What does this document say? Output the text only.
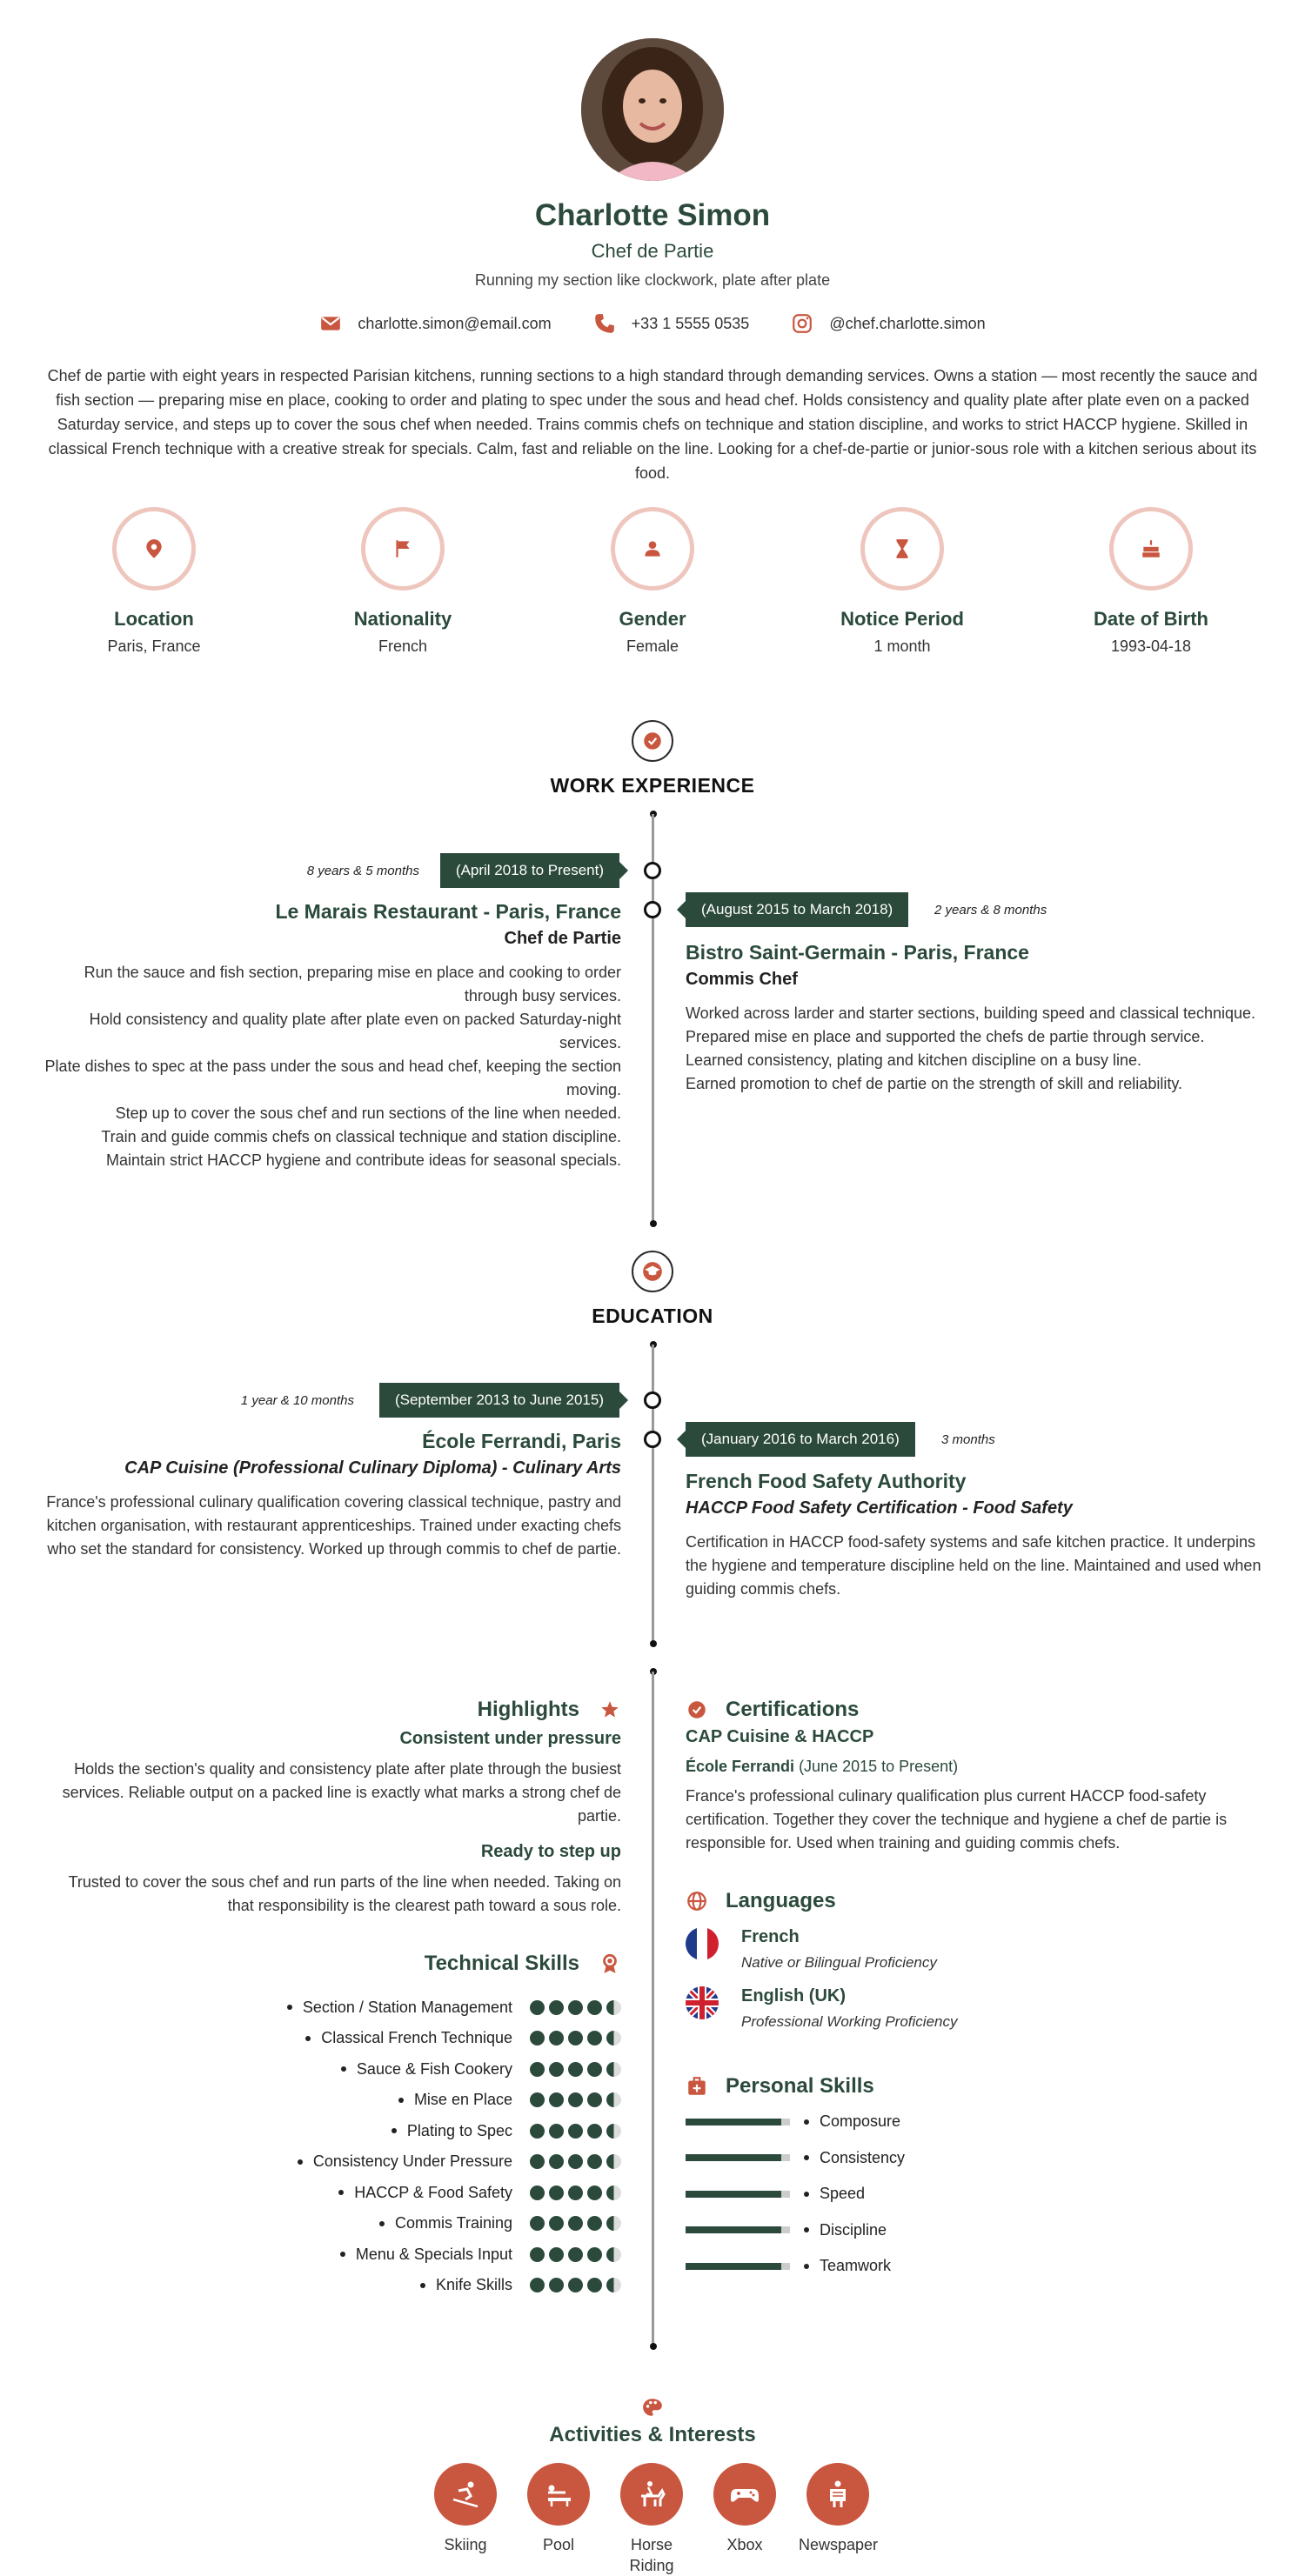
Charlotte Simon
Chef de Partie
Running my section like clockwork, plate after plate
charlotte.simon@email.com	+33 1 5555 0535	@chef.charlotte.simon
Chef de partie with eight years in respected Parisian kitchens, running sections to a high standard through demanding services. Owns a station — most recently the sauce and fish section — preparing mise en place, cooking to order and plating to spec under the sous and head chef. Holds consistency and quality plate after plate even on a packed Saturday service, and steps up to cover the sous chef when needed. Trains commis chefs on technique and station discipline, and works to strict HACCP hygiene. Skilled in classical French technique with a creative streak for specials. Calm, fast and reliable on the line. Looking for a chef-de-partie or junior-sous role with a kitchen serious about its food.
Location
Paris, France
Nationality
French
Gender
Female
Notice Period
1 month
Date of Birth
1993-04-18
WORK EXPERIENCE
(April 2018 to Present)
8 years & 5 months
Le Marais Restaurant - Paris, France
Chef de Partie
Run the sauce and fish section, preparing mise en place and cooking to order through busy services.
Hold consistency and quality plate after plate even on packed Saturday-night services.
Plate dishes to spec at the pass under the sous and head chef, keeping the section moving.
Step up to cover the sous chef and run sections of the line when needed.
Train and guide commis chefs on classical technique and station discipline.
Maintain strict HACCP hygiene and contribute ideas for seasonal specials.
(August 2015 to March 2018)	2 years & 8 months
Bistro Saint-Germain - Paris, France
Commis Chef
Worked across larder and starter sections, building speed and classical technique.
Prepared mise en place and supported the chefs de partie through service.
Learned consistency, plating and kitchen discipline on a busy line.
Earned promotion to chef de partie on the strength of skill and reliability.
EDUCATION
(September 2013 to June 2015)
1 year & 10 months
École Ferrandi, Paris
CAP Cuisine (Professional Culinary Diploma) - Culinary Arts
France's professional culinary qualification covering classical technique, pastry and kitchen organisation, with restaurant apprenticeships. Trained under exacting chefs who set the standard for consistency. Worked up through commis to chef de partie.
(January 2016 to March 2016)	3 months
French Food Safety Authority
HACCP Food Safety Certification - Food Safety
Certification in HACCP food-safety systems and safe kitchen practice. It underpins the hygiene and temperature discipline held on the line. Maintained and used when guiding commis chefs.
Highlights
Consistent under pressure
Holds the section's quality and consistency plate after plate through the busiest services. Reliable output on a packed line is exactly what marks a strong chef de partie.
Ready to step up
Trusted to cover the sous chef and run parts of the line when needed. Taking on that responsibility is the clearest path toward a sous role.
Technical Skills
Section / Station Management
Classical French Technique
Sauce & Fish Cookery
Mise en Place
Plating to Spec
Consistency Under Pressure
HACCP & Food Safety
Commis Training
Menu & Specials Input
Knife Skills
Certifications
CAP Cuisine & HACCP
École Ferrandi (June 2015 to Present)
France's professional culinary qualification plus current HACCP food-safety certification. Together they cover the technique and hygiene a chef de partie is responsible for. Used when training and guiding commis chefs.
Languages
French
Native or Bilingual Proficiency
English (UK)
Professional Working Proficiency
Personal Skills
Composure
Consistency
Speed
Discipline
Teamwork
Activities & Interests
Skiing	Pool	Horse Riding
Xbox	Newspaper
